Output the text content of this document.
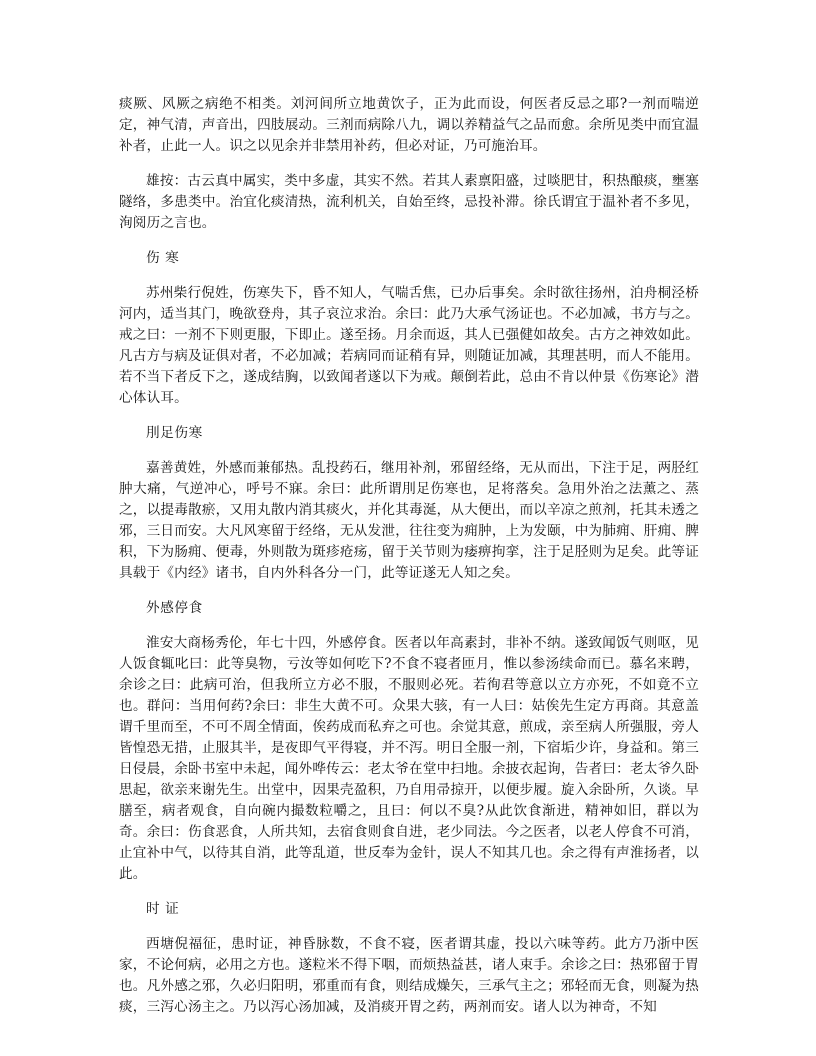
痰厥、风厥之病绝不相类。刘河间所立地黄饮子，正为此而设，何医者反忌之耶?一剂而喘逆定，神气清，声音出，四肢展动。三剂而病除八九，调以养精益气之品而愈。余所见类中而宜温补者，止此一人。识之以见余并非禁用补药，但必对证，乃可施治耳。

雄按：古云真中属实，类中多虚，其实不然。若其人素禀阳盛，过啖肥甘，积热酿痰，壅塞隧络，多患类中。治宜化痰清热，流利机关，自始至终，忌投补滞。徐氏谓宜于温补者不多见，洵阅历之言也。

伤 寒

苏州柴行倪姓，伤寒失下，昏不知人，气喘舌焦，已办后事矣。余时欲往扬州，泊舟桐泾桥河内，适当其门，晚欲登舟，其子哀泣求治。余曰：此乃大承气汤证也。不必加减，书方与之。戒之曰：一剂不下则更服，下即止。遂至扬。月余而返，其人已强健如故矣。古方之神效如此。凡古方与病及证俱对者，不必加减；若病同而证稍有异，则随证加减，其理甚明，而人不能用。若不当下者反下之，遂成结胸，以致闻者遂以下为戒。颠倒若此，总由不肯以仲景《伤寒论》潜心体认耳。

刖足伤寒

嘉善黄姓，外感而兼郁热。乱投药石，继用补剂，邪留经络，无从而出，下注于足，两胫红肿大痛，气逆冲心，呼号不寐。余曰：此所谓刖足伤寒也，足将落矣。急用外治之法薰之、蒸之，以提毒散瘀，又用丸散内消其痰火，并化其毒涎，从大便出，而以辛凉之煎剂，托其未透之邪，三日而安。大凡风寒留于经络，无从发泄，往往变为痈肿，上为发颐，中为肺痈、肝痈、脾积，下为肠痈、便毒，外则散为斑疹疮疡，留于关节则为痿痹拘挛，注于足胫则为足矣。此等证具载于《内经》诸书，自内外科各分一门，此等证遂无人知之矣。

外感停食

淮安大商杨秀伦，年七十四，外感停食。医者以年高素封，非补不纳。遂致闻饭气则呕，见人饭食辄叱曰：此等臭物，亏汝等如何吃下?不食不寝者匝月，惟以参汤续命而已。慕名来聘，余诊之曰：此病可治，但我所立方必不服，不服则必死。若徇君等意以立方亦死，不如竟不立也。群问：当用何药?余曰：非生大黄不可。众果大骇，有一人曰：姑俟先生定方再商。其意盖谓千里而至，不可不周全情面，俟药成而私弃之可也。余觉其意，煎成，亲至病人所强服，旁人皆惶恐无措，止服其半，是夜即气平得寝，并不泻。明日全服一剂，下宿垢少许，身益和。第三日侵晨，余卧书室中未起，闻外哗传云：老太爷在堂中扫地。余披衣起询，告者曰：老太爷久卧思起，欲亲来谢先生。出堂中，因果壳盈积，乃自用帚掠开，以便步履。旋入余卧所，久谈。早膳至，病者观食，自向碗内撮数粒嚼之，且曰：何以不臭?从此饮食渐进，精神如旧，群以为奇。余曰：伤食恶食，人所共知，去宿食则食自进，老少同法。今之医者，以老人停食不可消，止宜补中气，以待其自消，此等乱道，世反奉为金针，误人不知其几也。余之得有声淮扬者，以此。

时 证

西塘倪福征，患时证，神昏脉数，不食不寝，医者谓其虚，投以六味等药。此方乃浙中医家，不论何病，必用之方也。遂粒米不得下咽，而烦热益甚，诸人束手。余诊之曰：热邪留于胃也。凡外感之邪，久必归阳明，邪重而有食，则结成燥矢，三承气主之；邪轻而无食，则凝为热痰，三泻心汤主之。乃以泻心汤加减，及消痰开胃之药，两剂而安。诸人以为神奇，不知
